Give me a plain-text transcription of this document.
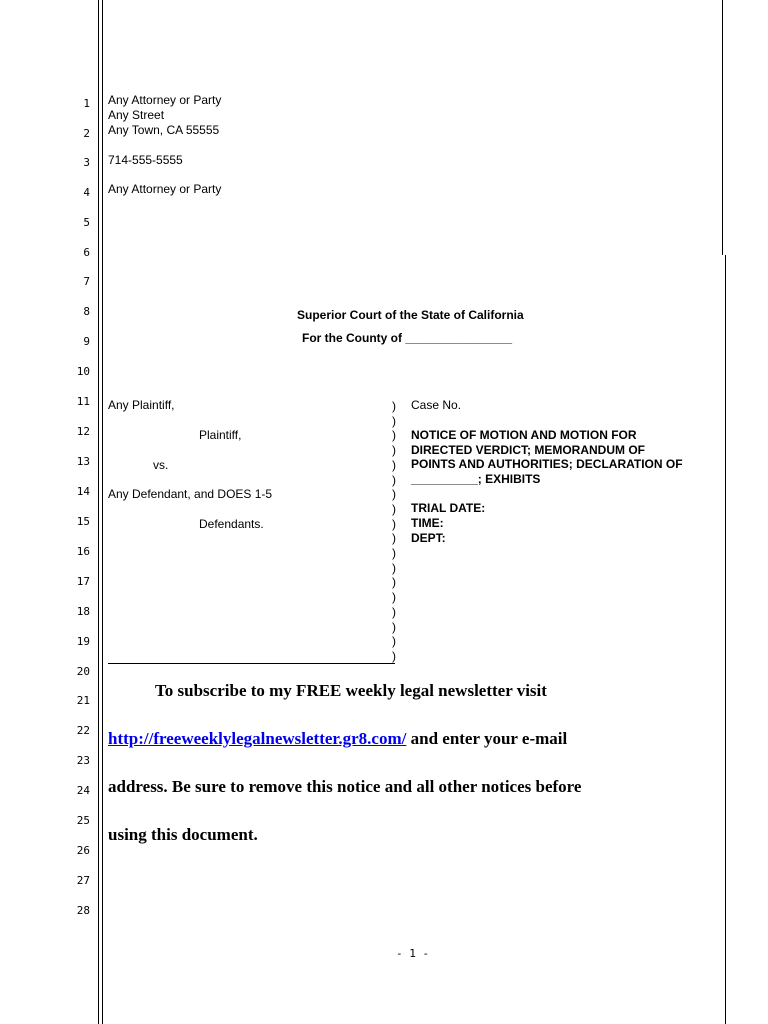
1
2
3
4
5
6
7
8
9
10
11
12
13
14
15
16
17
18
19
20
21
22
23
24
25
26
27
28
Any Attorney or Party
Any Street
Any Town, CA 55555
714-555-5555
Any Attorney or Party
Superior Court of the State of California
For the County of ________________
Any Plaintiff,
Plaintiff,
vs.
Any Defendant, and DOES 1-5
Defendants.
)
)
)
)
)
)
)
)
)
)
)
)
)
)
)
)
)
)
Case No.
NOTICE OF MOTION AND MOTION FOR
DIRECTED VERDICT; MEMORANDUM OF
POINTS AND AUTHORITIES; DECLARATION OF
__________; EXHIBITS
TRIAL DATE:
TIME:
DEPT:
To subscribe to my FREE weekly legal newsletter visit
http://freeweeklylegalnewsletter.gr8.com/ and enter your e-mail
address. Be sure to remove this notice and all other notices before
using this document.
- 1 -
